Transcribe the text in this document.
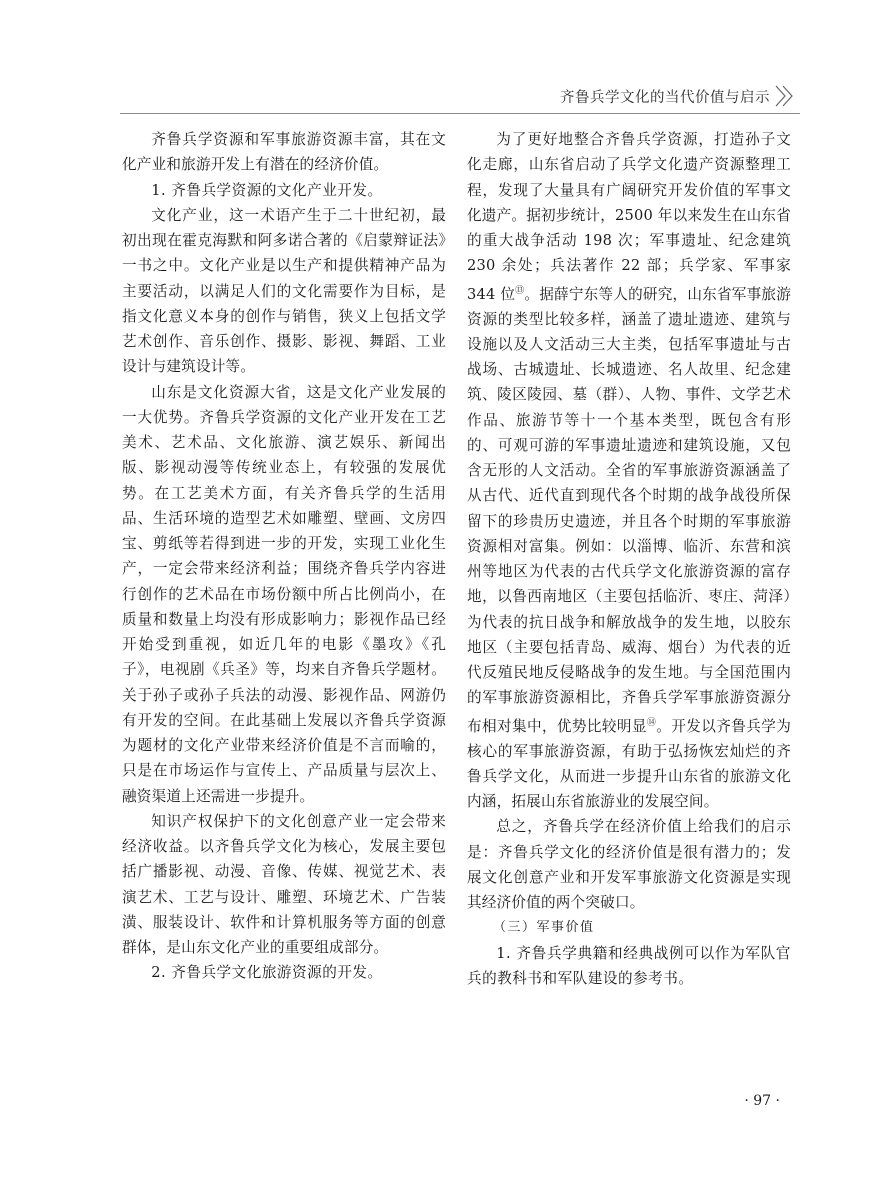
齐鲁兵学文化的当代价值与启示

齐鲁兵学资源和军事旅游资源丰富，其在文化产业和旅游开发上有潜在的经济价值。

1. 齐鲁兵学资源的文化产业开发。

文化产业，这一术语产生于二十世纪初，最初出现在霍克海默和阿多诺合著的《启蒙辩证法》一书之中。文化产业是以生产和提供精神产品为主要活动，以满足人们的文化需要作为目标，是指文化意义本身的创作与销售，狭义上包括文学艺术创作、音乐创作、摄影、影视、舞蹈、工业设计与建筑设计等。

山东是文化资源大省，这是文化产业发展的一大优势。齐鲁兵学资源的文化产业开发在工艺美术、艺术品、文化旅游、演艺娱乐、新闻出版、影视动漫等传统业态上，有较强的发展优势。在工艺美术方面，有关齐鲁兵学的生活用品、生活环境的造型艺术如雕塑、壁画、文房四宝、剪纸等若得到进一步的开发，实现工业化生产，一定会带来经济利益；围绕齐鲁兵学内容进行创作的艺术品在市场份额中所占比例尚小，在质量和数量上均没有形成影响力；影视作品已经开始受到重视，如近几年的电影《墨攻》《孔子》，电视剧《兵圣》等，均来自齐鲁兵学题材。关于孙子或孙子兵法的动漫、影视作品、网游仍有开发的空间。在此基础上发展以齐鲁兵学资源为题材的文化产业带来经济价值是不言而喻的，只是在市场运作与宣传上、产品质量与层次上、融资渠道上还需进一步提升。

知识产权保护下的文化创意产业一定会带来经济收益。以齐鲁兵学文化为核心，发展主要包括广播影视、动漫、音像、传媒、视觉艺术、表演艺术、工艺与设计、雕塑、环境艺术、广告装潢、服装设计、软件和计算机服务等方面的创意群体，是山东文化产业的重要组成部分。

2. 齐鲁兵学文化旅游资源的开发。

为了更好地整合齐鲁兵学资源，打造孙子文化走廊，山东省启动了兵学文化遗产资源整理工程，发现了大量具有广阔研究开发价值的军事文化遗产。据初步统计，2500 年以来发生在山东省的重大战争活动 198 次；军事遗址、纪念建筑 230 余处；兵法著作 22 部；兵学家、军事家 344 位⑬。据薛宁东等人的研究，山东省军事旅游资源的类型比较多样，涵盖了遗址遗迹、建筑与设施以及人文活动三大主类，包括军事遗址与古战场、古城遗址、长城遗迹、名人故里、纪念建筑、陵区陵园、墓（群）、人物、事件、文学艺术作品、旅游节等十一个基本类型，既包含有形的、可观可游的军事遗址遗迹和建筑设施，又包含无形的人文活动。全省的军事旅游资源涵盖了从古代、近代直到现代各个时期的战争战役所保留下的珍贵历史遗迹，并且各个时期的军事旅游资源相对富集。例如：以淄博、临沂、东营和滨州等地区为代表的古代兵学文化旅游资源的富存地，以鲁西南地区（主要包括临沂、枣庄、菏泽）为代表的抗日战争和解放战争的发生地，以胶东地区（主要包括青岛、威海、烟台）为代表的近代反殖民地反侵略战争的发生地。与全国范围内的军事旅游资源相比，齐鲁兵学军事旅游资源分布相对集中，优势比较明显⑭。开发以齐鲁兵学为核心的军事旅游资源，有助于弘扬恢宏灿烂的齐鲁兵学文化，从而进一步提升山东省的旅游文化内涵，拓展山东省旅游业的发展空间。

总之，齐鲁兵学在经济价值上给我们的启示是：齐鲁兵学文化的经济价值是很有潜力的；发展文化创意产业和开发军事旅游文化资源是实现其经济价值的两个突破口。

（三）军事价值

1. 齐鲁兵学典籍和经典战例可以作为军队官兵的教科书和军队建设的参考书。

· 97 ·
